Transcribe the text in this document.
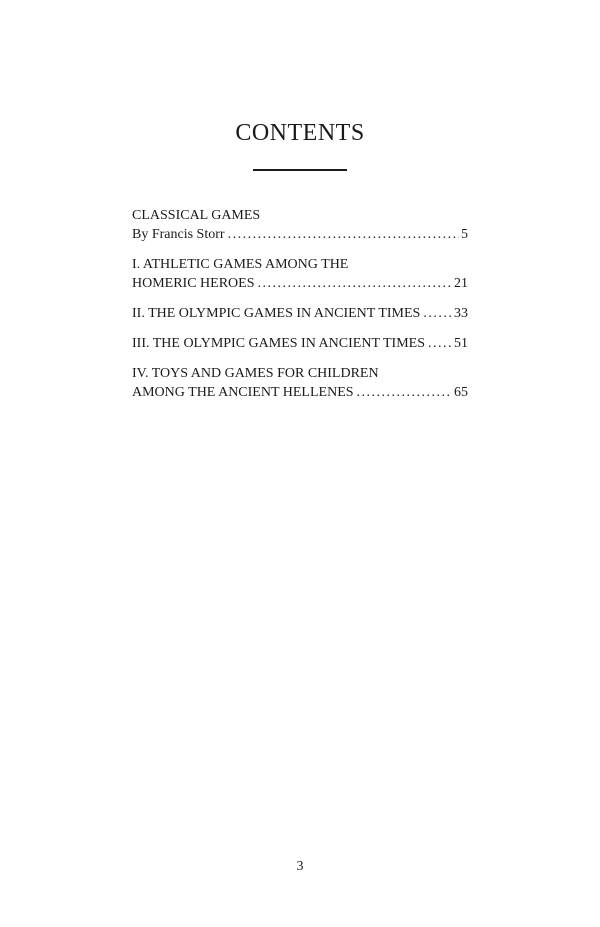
CONTENTS
CLASSICAL GAMES
By Francis Storr . . .	5
I. ATHLETIC GAMES AMONG THE
HOMERIC HEROES . . .	21
II. THE OLYMPIC GAMES IN ANCIENT TIMES . . . 33
III. THE OLYMPIC GAMES IN ANCIENT TIMES . . . 51
IV. TOYS AND GAMES FOR CHILDREN
AMONG THE ANCIENT HELLENES . . .	65
3
